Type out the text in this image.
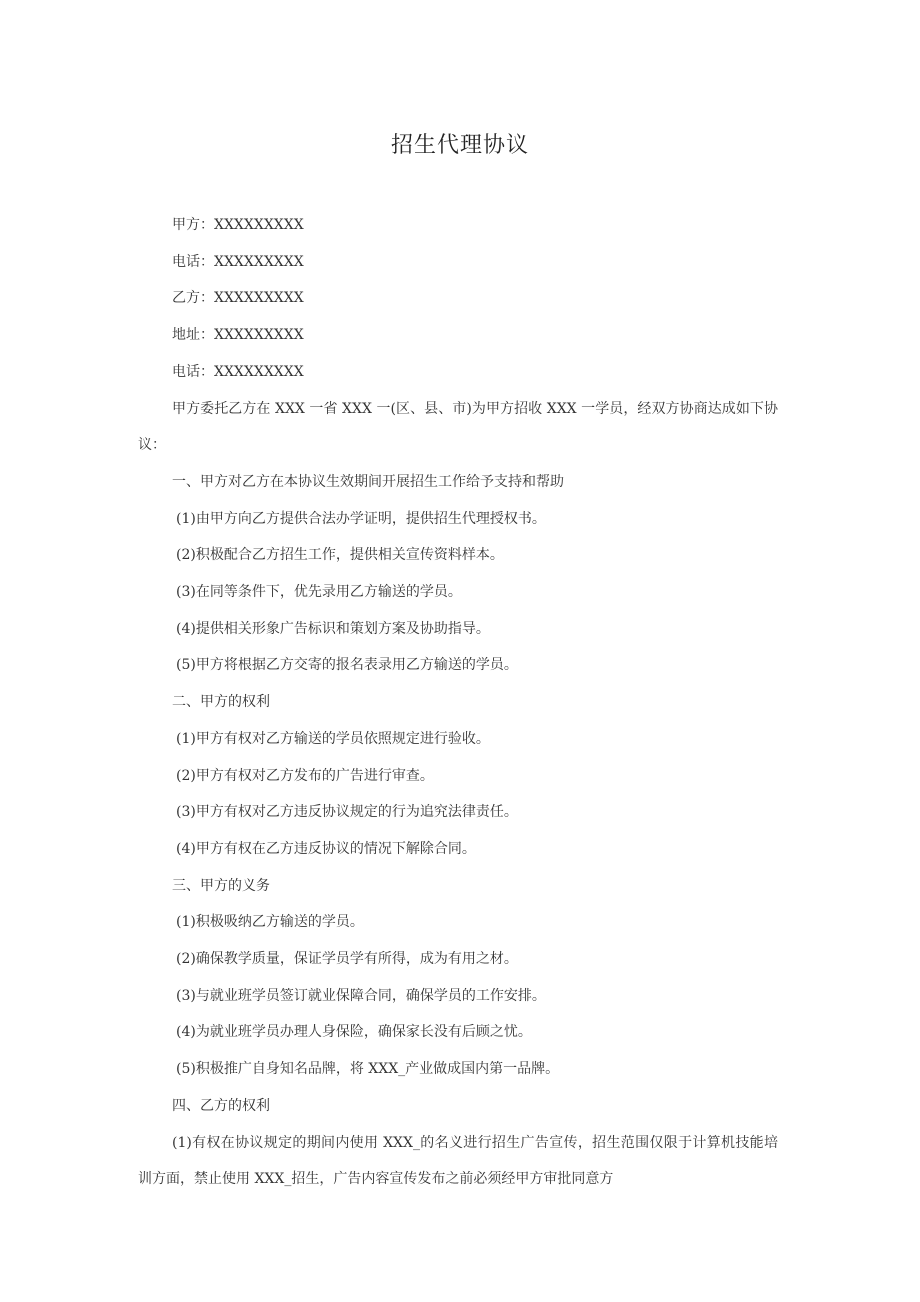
招生代理协议

甲方：XXXXXXXXX

电话：XXXXXXXXX

乙方：XXXXXXXXX

地址：XXXXXXXXX

电话：XXXXXXXXX

甲方委托乙方在 XXX 一省 XXX 一(区、县、市)为甲方招收 XXX 一学员，经双方协商达成如下协议：

一、甲方对乙方在本协议生效期间开展招生工作给予支持和帮助

(1)由甲方向乙方提供合法办学证明，提供招生代理授权书。

(2)积极配合乙方招生工作，提供相关宣传资料样本。

(3)在同等条件下，优先录用乙方输送的学员。

(4)提供相关形象广告标识和策划方案及协助指导。

(5)甲方将根据乙方交寄的报名表录用乙方输送的学员。

二、甲方的权利

(1)甲方有权对乙方输送的学员依照规定进行验收。

(2)甲方有权对乙方发布的广告进行审查。

(3)甲方有权对乙方违反协议规定的行为追究法律责任。

(4)甲方有权在乙方违反协议的情况下解除合同。

三、甲方的义务

(1)积极吸纳乙方输送的学员。

(2)确保教学质量，保证学员学有所得，成为有用之材。

(3)与就业班学员签订就业保障合同，确保学员的工作安排。

(4)为就业班学员办理人身保险，确保家长没有后顾之忧。

(5)积极推广自身知名品牌，将 XXX_产业做成国内第一品牌。

四、乙方的权利

(1)有权在协议规定的期间内使用 XXX_的名义进行招生广告宣传，招生范围仅限于计算机技能培训方面，禁止使用 XXX_招生，广告内容宣传发布之前必须经甲方审批同意方
